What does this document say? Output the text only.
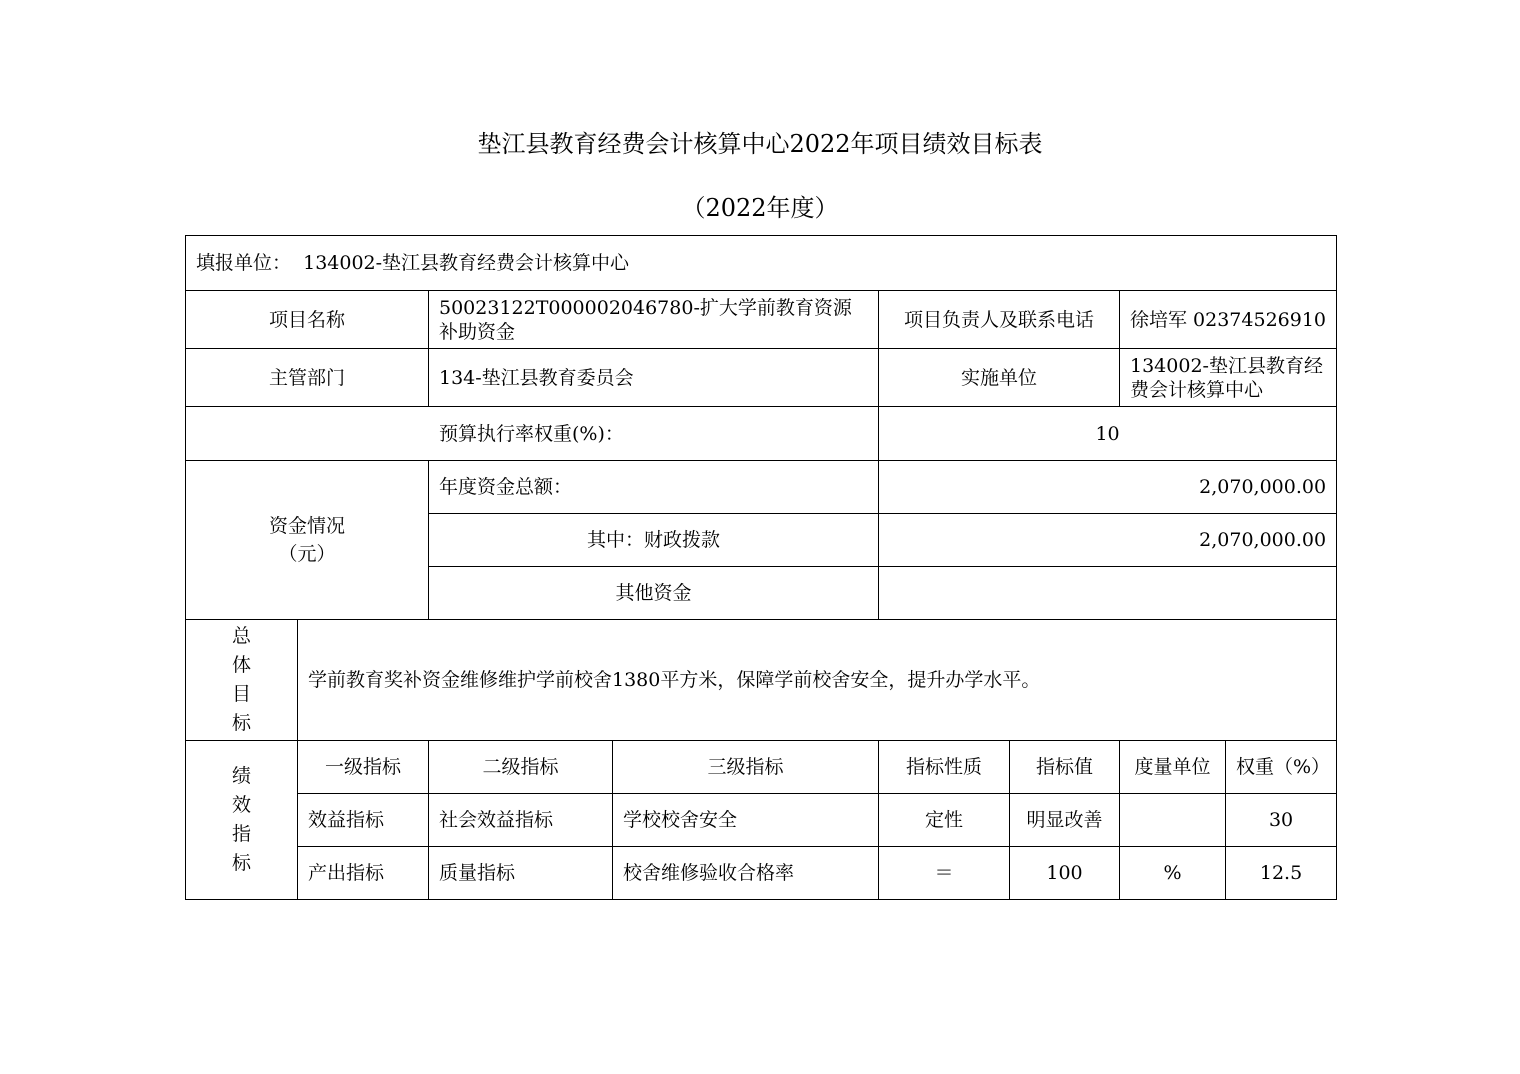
垫江县教育经费会计核算中心2022年项目绩效目标表
（2022年度）
填报单位： 134002-垫江县教育经费会计核算中心							
项目名称		50023122T000002046780-扩大学前教育资源补助资金		项目负责人及联系电话		徐培军 02374526910	
主管部门		134-垫江县教育委员会		实施单位		134002-垫江县教育经费会计核算中心	
预算执行率权重(%)：				10			

资金情况
（元）		年度资金总额：		2,070,000.00			
		其中：财政拨款		2,070,000.00			
		其他资金					

总
体
目
标	学前教育奖补资金维修维护学前校舍1380平方米，保障学前校舍安全，提升办学水平。						

绩
效
指
标	一级指标	二级指标	三级指标	指标性质	指标值	度量单位	权重（%）
	效益指标	社会效益指标	学校校舍安全	定性	明显改善		30
	产出指标	质量指标	校舍维修验收合格率	＝	100	%	12.5
